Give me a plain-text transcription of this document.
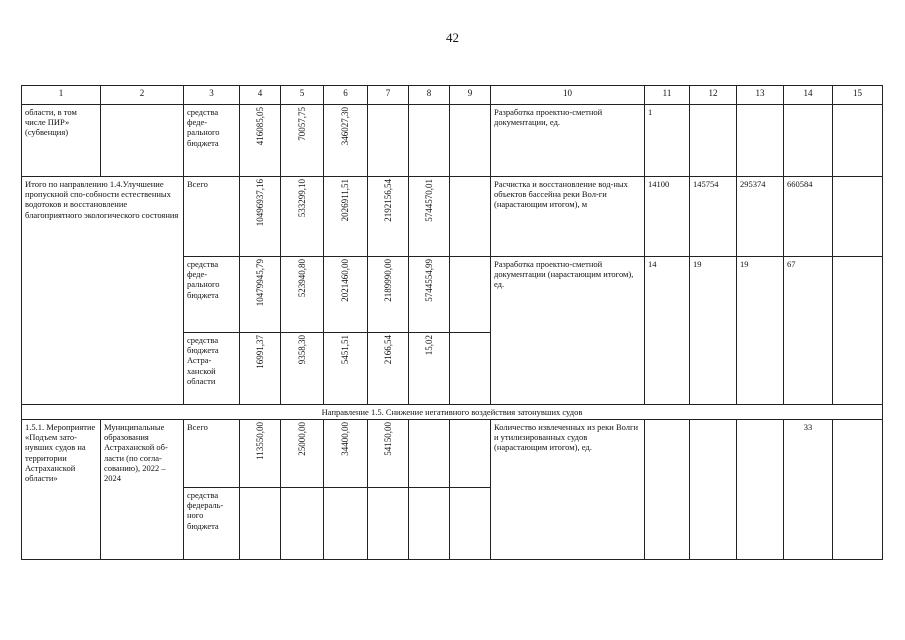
42
1	2	3	4	5	6	7	8	9	10	11	12	13	14	15
области, в том числе ПИР» (субвенция)		средства феде-рального бюджета	416085,05	70057,75	346027,30				Разработка проектно-сметной документации, ед.	1				
Итого по направлению 1.4.Улучшение пропускной спо-собности естественных водотоков и восстановление благоприятного экологического состояния		Всего	10496937,16	533299,10	2026911,51	2192156,54	5744570,01		Расчистка и восстановление вод-ных объектов бассейна реки Вол-ги (нарастающим итогом), м	14100	145754	295374	660584	
		средства феде-рального бюджета	10479945,79	523940,80	2021460,00	2189990,00	5744554,99		Разработка проектно-сметной документации (нарастающим итогом), ед.	14	19	19	67	
		средства бюджета Астра-ханской области	16991,37	9358,30	5451,51	2166,54	15,02							
Направление 1.5. Снижение негативного воздействия затонувших судов														
1.5.1. Мероприятие «Подъем зато-нувших судов на территории Астраханской области»	Муниципальные образования Астраханской об-ласти (по согла-сованию), 2022 – 2024	Всего	113550,00	25000,00	34400,00	54150,00			Количество извлеченных из реки Волги и утилизированных судов (нарастающим итогом), ед.				33	
		средства федераль-ного бюджета												
